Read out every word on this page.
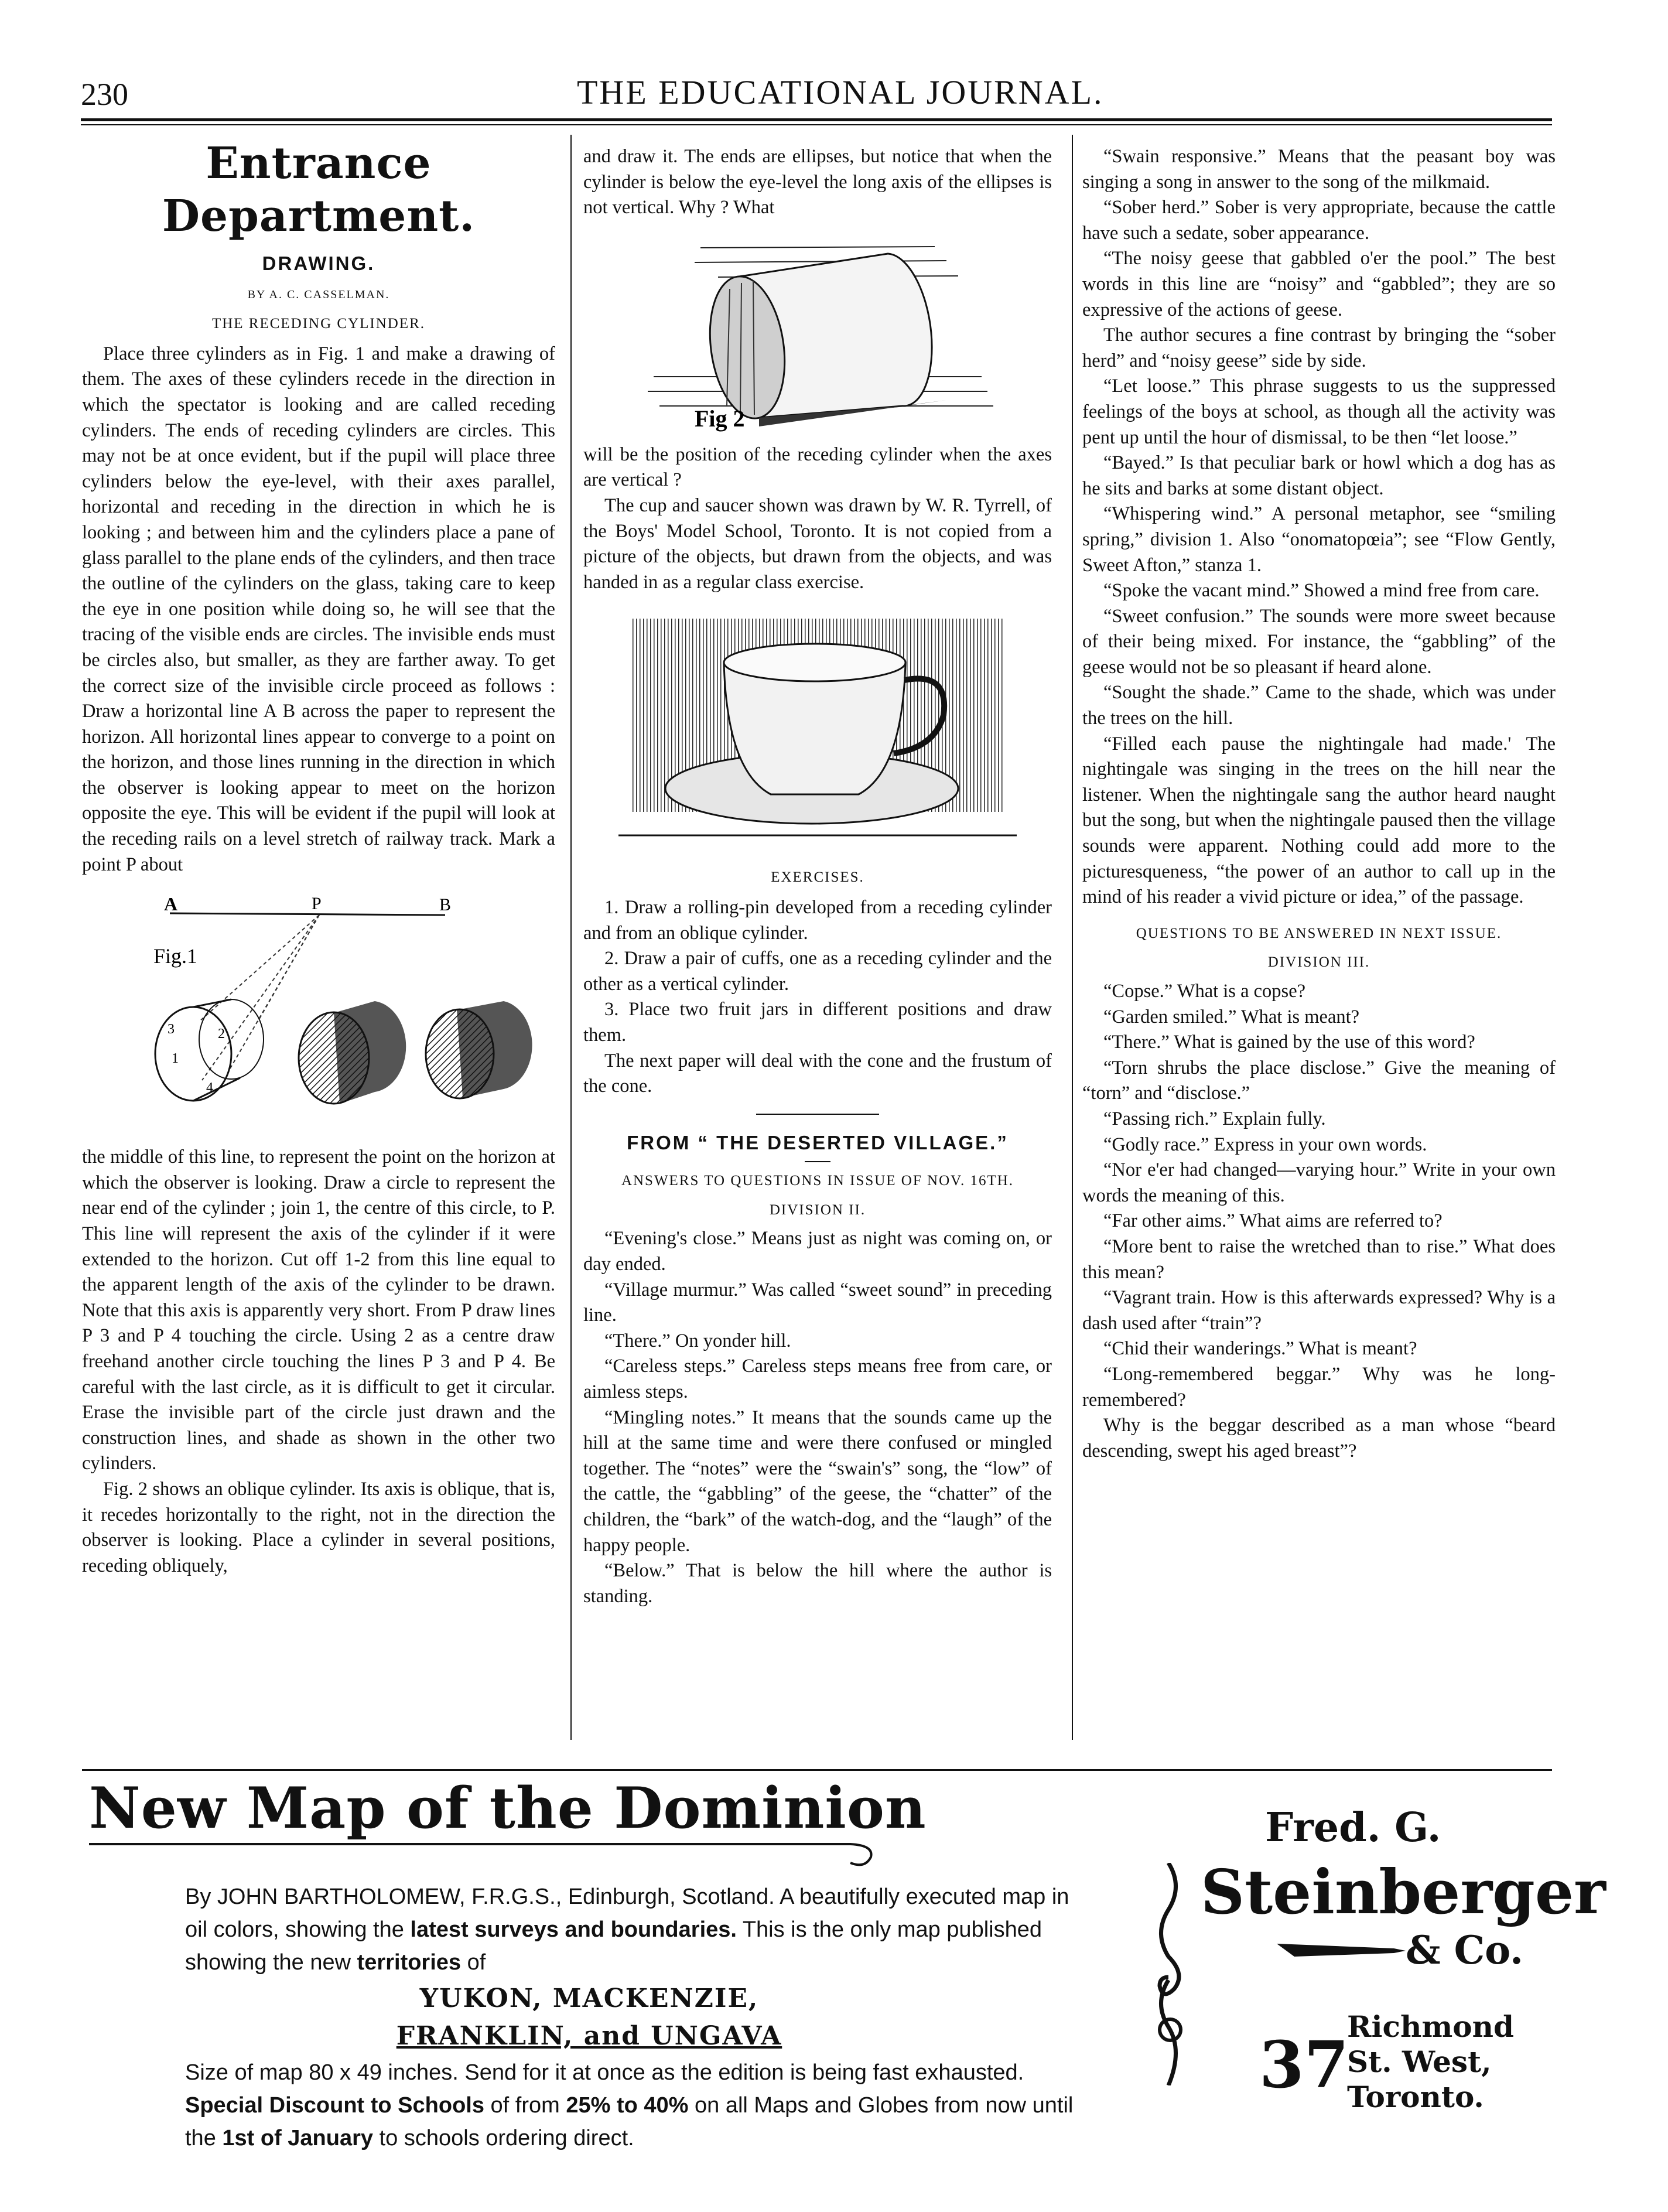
230	THE EDUCATIONAL JOURNAL.
Entrance Department.
DRAWING.
BY A. C. CASSELMAN.
THE RECEDING CYLINDER.

Place three cylinders as in Fig. 1 and make a drawing of them. The axes of these cylinders recede in the direction in which the spectator is looking and are called receding cylinders. The ends of receding cylinders are circles. This may not be at once evident, but if the pupil will place three cylinders below the eye-level, with their axes parallel, horizontal and receding in the direction in which he is looking ; and between him and the cylinders place a pane of glass parallel to the plane ends of the cylinders, and then trace the outline of the cylinders on the glass, taking care to keep the eye in one position while doing so, he will see that the tracing of the visible ends are circles. The invisible ends must be circles also, but smaller, as they are farther away. To get the correct size of the invisible circle proceed as follows : Draw a horizontal line A B across the paper to represent the horizon. All horizontal lines appear to converge to a point on the horizon, and those lines running in the direction in which the observer is looking appear to meet on the horizon opposite the eye. This will be evident if the pupil will look at the receding rails on a level stretch of railway track. Mark a point P about

A	P	B
Fig.1
1
2
3
4

the middle of this line, to represent the point on the horizon at which the observer is looking. Draw a circle to represent the near end of the cylinder ; join 1, the centre of this circle, to P. This line will represent the axis of the cylinder if it were extended to the horizon. Cut off 1-2 from this line equal to the apparent length of the axis of the cylinder to be drawn. Note that this axis is apparently very short. From P draw lines P 3 and P 4 touching the circle. Using 2 as a centre draw freehand another circle touching the lines P 3 and P 4. Be careful with the last circle, as it is difficult to get it circular. Erase the invisible part of the circle just drawn and the construction lines, and shade as shown in the other two cylinders.

Fig. 2 shows an oblique cylinder. Its axis is oblique, that is, it recedes horizontally to the right, not in the direction the observer is looking. Place a cylinder in several positions, receding obliquely,

and draw it. The ends are ellipses, but notice that when the cylinder is below the eye-level the long axis of the ellipses is not vertical. Why ? What

Fig 2

will be the position of the receding cylinder when the axes are vertical ?

The cup and saucer shown was drawn by W. R. Tyrrell, of the Boys' Model School, Toronto. It is not copied from a picture of the objects, but drawn from the objects, and was handed in as a regular class exercise.

EXERCISES.

1. Draw a rolling-pin developed from a receding cylinder and from an oblique cylinder.

2. Draw a pair of cuffs, one as a receding cylinder and the other as a vertical cylinder.

3. Place two fruit jars in different positions and draw them.

The next paper will deal with the cone and the frustum of the cone.

FROM “ THE DESERTED VILLAGE.”
ANSWERS TO QUESTIONS IN ISSUE OF NOV. 16TH.
DIVISION II.

“Evening's close.” Means just as night was coming on, or day ended.

“Village murmur.” Was called “sweet sound” in preceding line.

“There.” On yonder hill.

“Careless steps.” Careless steps means free from care, or aimless steps.

“Mingling notes.” It means that the sounds came up the hill at the same time and were there confused or mingled together. The “notes” were the “swain's” song, the “low” of the cattle, the “gabbling” of the geese, the “chatter” of the children, the “bark” of the watch-dog, and the “laugh” of the happy people.

“Below.” That is below the hill where the author is standing.

“Swain responsive.” Means that the peasant boy was singing a song in answer to the song of the milkmaid.

“Sober herd.” Sober is very appropriate, because the cattle have such a sedate, sober appearance.

“The noisy geese that gabbled o'er the pool.” The best words in this line are “noisy” and “gabbled”; they are so expressive of the actions of geese.

The author secures a fine contrast by bringing the “sober herd” and “noisy geese” side by side.

“Let loose.” This phrase suggests to us the suppressed feelings of the boys at school, as though all the activity was pent up until the hour of dismissal, to be then “let loose.”

“Bayed.” Is that peculiar bark or howl which a dog has as he sits and barks at some distant object.

“Whispering wind.” A personal metaphor, see “smiling spring,” division 1. Also “onomatopœia”; see “Flow Gently, Sweet Afton,” stanza 1.

“Spoke the vacant mind.” Showed a mind free from care.

“Sweet confusion.” The sounds were more sweet because of their being mixed. For instance, the “gabbling” of the geese would not be so pleasant if heard alone.

“Sought the shade.” Came to the shade, which was under the trees on the hill.

“Filled each pause the nightingale had made.' The nightingale was singing in the trees on the hill near the listener. When the nightingale sang the author heard naught but the song, but when the nightingale paused then the village sounds were apparent. Nothing could add more to the picturesqueness, “the power of an author to call up in the mind of his reader a vivid picture or idea,” of the passage.

QUESTIONS TO BE ANSWERED IN NEXT ISSUE.
DIVISION III.

“Copse.” What is a copse?

“Garden smiled.” What is meant?

“There.” What is gained by the use of this word?

“Torn shrubs the place disclose.” Give the meaning of “torn” and “disclose.”

“Passing rich.” Explain fully.

“Godly race.” Express in your own words.

“Nor e'er had changed—varying hour.” Write in your own words the meaning of this.

“Far other aims.” What aims are referred to?

“More bent to raise the wretched than to rise.” What does this mean?

“Vagrant train. How is this afterwards expressed? Why is a dash used after “train”?

“Chid their wanderings.” What is meant?

“Long-remembered beggar.” Why was he long-remembered?

Why is the beggar described as a man whose “beard descending, swept his aged breast”?

New Map of the Dominion
By JOHN BARTHOLOMEW, F.R.G.S., Edinburgh, Scotland. A beautifully executed map in
oil colors, showing the latest surveys and boundaries. This is the only map published
showing the new territories of
YUKON, MACKENZIE,
FRANKLIN, and UNGAVA
Size of map 80 x 49 inches. Send for it at once as the edition is being fast exhausted.
Special Discount to Schools of from 25% to 40% on all Maps and Globes from now until
the 1st of January to schools ordering direct.
Fred. G.
Steinberger
& Co.
37
Richmond
St. West,
Toronto.
